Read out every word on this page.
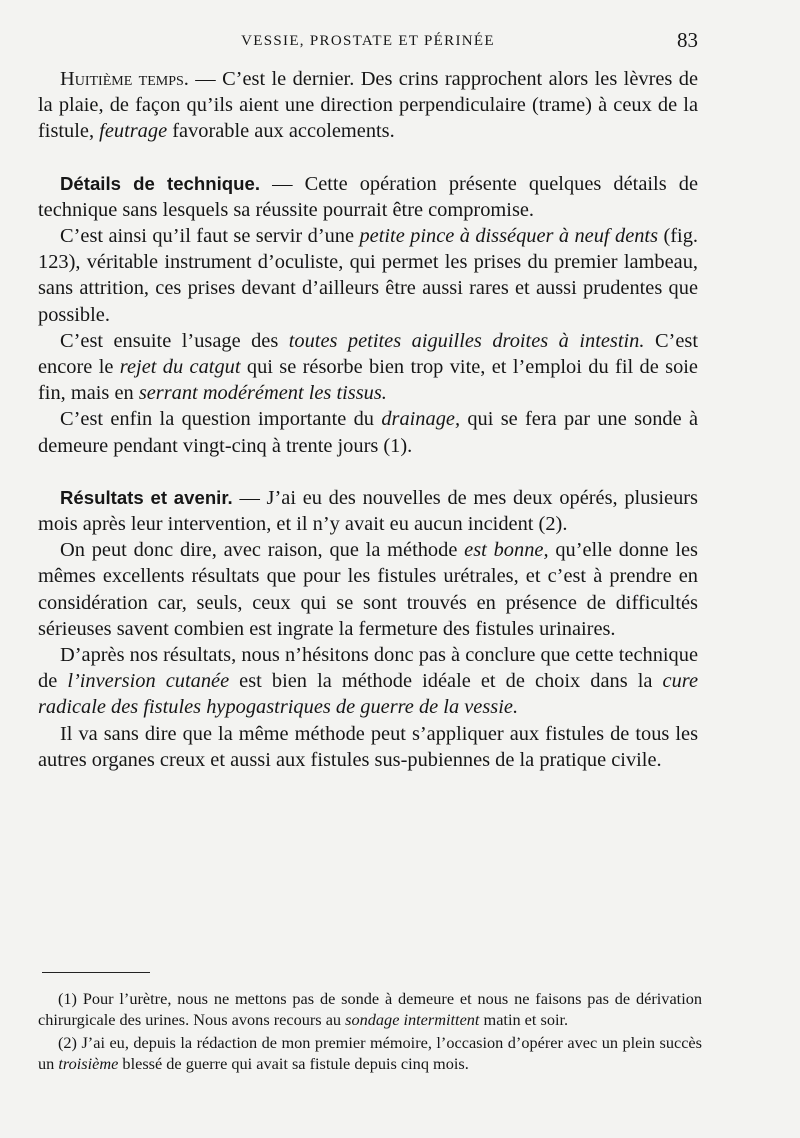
VESSIE, PROSTATE ET PÉRINÉE	83

Huitième temps. — C’est le dernier. Des crins rapprochent alors les lèvres de la plaie, de façon qu’ils aient une direction perpendiculaire (trame) à ceux de la fistule, feutrage favorable aux accolements.

Détails de technique. — Cette opération présente quelques détails de technique sans lesquels sa réussite pourrait être compromise.

C’est ainsi qu’il faut se servir d’une petite pince à disséquer à neuf dents (fig. 123), véritable instrument d’oculiste, qui permet les prises du premier lambeau, sans attrition, ces prises devant d’ailleurs être aussi rares et aussi prudentes que possible.

C’est ensuite l’usage des toutes petites aiguilles droites à intestin. C’est encore le rejet du catgut qui se résorbe bien trop vite, et l’emploi du fil de soie fin, mais en serrant modérément les tissus.

C’est enfin la question importante du drainage, qui se fera par une sonde à demeure pendant vingt-cinq à trente jours (1).

Résultats et avenir. — J’ai eu des nouvelles de mes deux opérés, plusieurs mois après leur intervention, et il n’y avait eu aucun incident (2).

On peut donc dire, avec raison, que la méthode est bonne, qu’elle donne les mêmes excellents résultats que pour les fistules urétrales, et c’est à prendre en considération car, seuls, ceux qui se sont trouvés en présence de difficultés sérieuses savent combien est ingrate la fermeture des fistules urinaires.

D’après nos résultats, nous n’hésitons donc pas à conclure que cette technique de l’inversion cutanée est bien la méthode idéale et de choix dans la cure radicale des fistules hypogastriques de guerre de la vessie.

Il va sans dire que la même méthode peut s’appliquer aux fistules de tous les autres organes creux et aussi aux fistules sus-pubiennes de la pratique civile.

(1) Pour l’urètre, nous ne mettons pas de sonde à demeure et nous ne faisons pas de dérivation chirurgicale des urines. Nous avons recours au sondage intermittent matin et soir.

(2) J’ai eu, depuis la rédaction de mon premier mémoire, l’occasion d’opérer avec un plein succès un troisième blessé de guerre qui avait sa fistule depuis cinq mois.
